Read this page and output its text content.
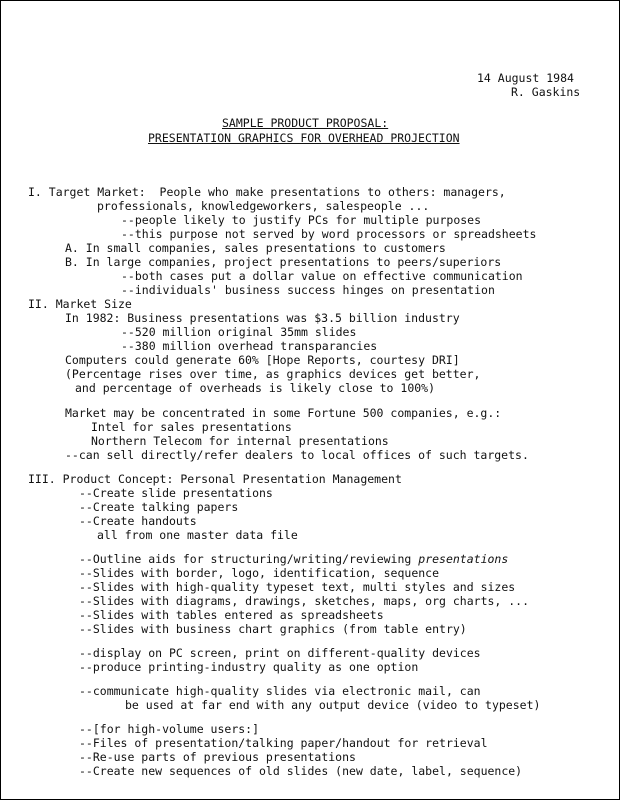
14 August 1984
R. Gaskins
SAMPLE PRODUCT PROPOSAL:
PRESENTATION GRAPHICS FOR OVERHEAD PROJECTION
I. Target Market:  People who make presentations to others: managers,
professionals, knowledgeworkers, salespeople ...
--people likely to justify PCs for multiple purposes
--this purpose not served by word processors or spreadsheets
A. In small companies, sales presentations to customers
B. In large companies, project presentations to peers/superiors
--both cases put a dollar value on effective communication
--individuals' business success hinges on presentation
II. Market Size
In 1982: Business presentations was $3.5 billion industry
--520 million original 35mm slides
--380 million overhead transparancies
Computers could generate 60% [Hope Reports, courtesy DRI]
(Percentage rises over time, as graphics devices get better,
and percentage of overheads is likely close to 100%)
Market may be concentrated in some Fortune 500 companies, e.g.:
Intel for sales presentations
Northern Telecom for internal presentations
--can sell directly/refer dealers to local offices of such targets.
III. Product Concept: Personal Presentation Management
--Create slide presentations
--Create talking papers
--Create handouts
all from one master data file
--Outline aids for structuring/writing/reviewing presentations
--Slides with border, logo, identification, sequence
--Slides with high-quality typeset text, multi styles and sizes
--Slides with diagrams, drawings, sketches, maps, org charts, ...
--Slides with tables entered as spreadsheets
--Slides with business chart graphics (from table entry)
--display on PC screen, print on different-quality devices
--produce printing-industry quality as one option
--communicate high-quality slides via electronic mail, can
be used at far end with any output device (video to typeset)
--[for high-volume users:]
--Files of presentation/talking paper/handout for retrieval
--Re-use parts of previous presentations
--Create new sequences of old slides (new date, label, sequence)
